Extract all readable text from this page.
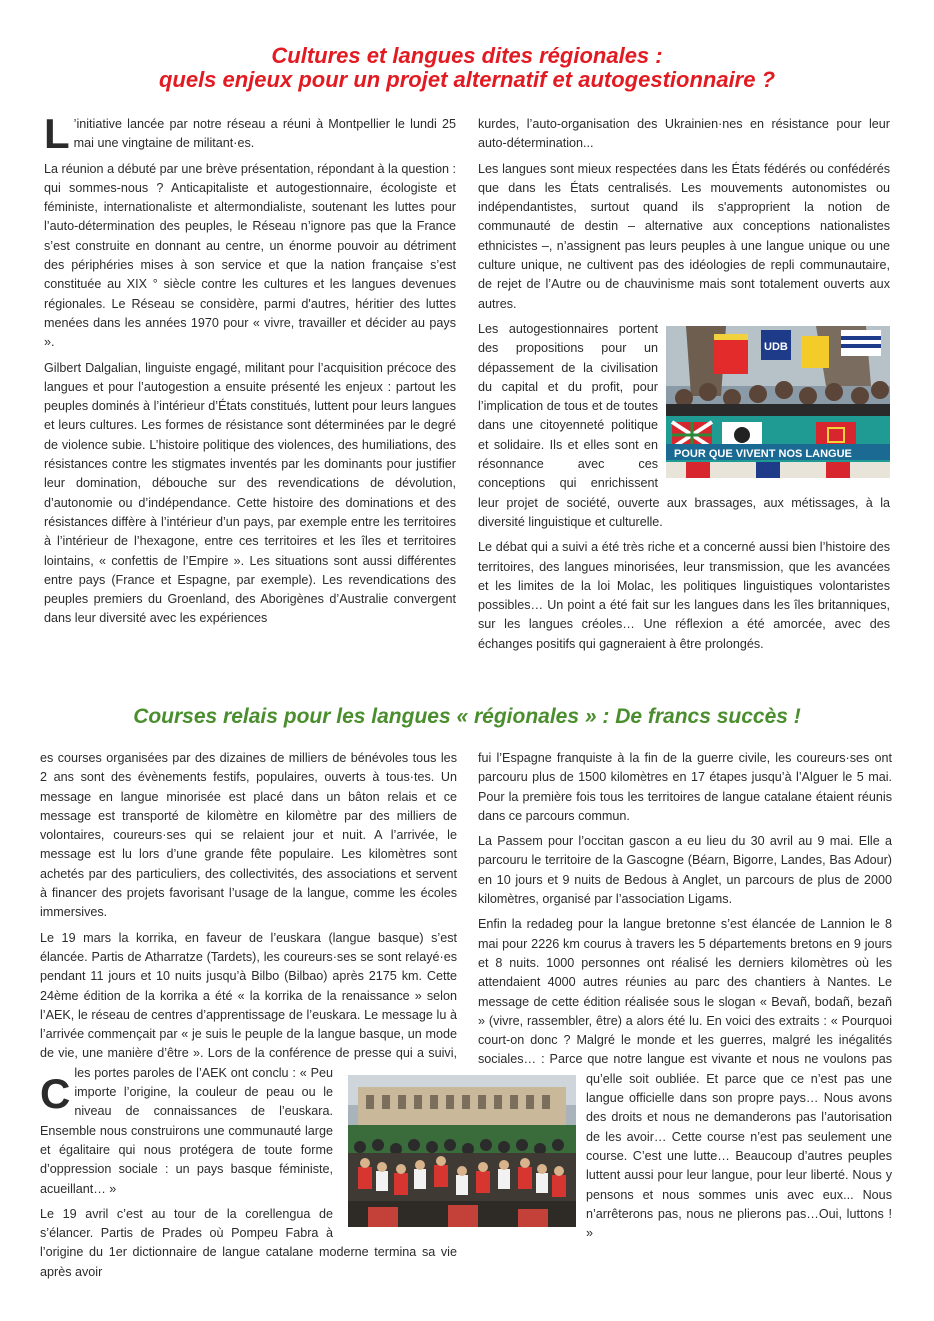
Cultures et langues dites régionales :
quels enjeux pour un projet alternatif et autogestionnaire ?

L ’initiative lancée par notre réseau a réuni à Montpellier le lundi 25 mai une vingtaine de militant·es.

La réunion a débuté par une brève présentation, répondant à la question : qui sommes-nous ? Anticapitaliste et autogestionnaire, écologiste et féministe, internationaliste et altermondialiste, soutenant les luttes pour l’auto-détermination des peuples, le Réseau n’ignore pas que la France s’est construite en donnant au centre, un énorme pouvoir au détriment des périphéries mises à son service et que la nation française s’est constituée au XIX ° siècle contre les cultures et les langues devenues régionales. Le Réseau se considère, parmi d'autres, héritier des luttes menées dans les années 1970 pour « vivre, travailler et décider au pays ».

Gilbert Dalgalian, linguiste engagé, militant pour l’acquisition précoce des langues et pour l’autogestion a ensuite présenté les enjeux : partout les peuples dominés à l’intérieur d’États constitués, luttent pour leurs langues et leurs cultures. Les formes de résistance sont déterminées par le degré de violence subie. L’histoire politique des violences, des humiliations, des résistances contre les stigmates inventés par les dominants pour justifier leur domination, débouche sur des revendications de dévolution, d’autonomie ou d’indépendance. Cette histoire des dominations et des résistances diffère à l’intérieur d’un pays, par exemple entre les territoires à l’intérieur de l’hexagone, entre ces territoires et les îles et territoires lointains, « confettis de l’Empire ». Les situations sont aussi différentes entre pays (France et Espagne, par exemple). Les revendications des peuples premiers du Groenland, des Aborigènes d’Australie convergent dans leur diversité avec les expériences

kurdes, l’auto-organisation des Ukrainien·nes en résistance pour leur auto-détermination...

Les langues sont mieux respectées dans les États fédérés ou confédérés que dans les États centralisés. Les mouvements autonomistes ou indépendantistes, surtout quand ils s'approprient la notion de communauté de destin – alternative aux conceptions nationalistes ethnicistes –, n’assignent pas leurs peuples à une langue unique ou une culture unique, ne cultivent pas des idéologies de repli communautaire, de rejet de l’Autre ou de chauvinisme mais sont totalement ouverts aux autres.

UDB
POUR QUE VIVENT NOS LANGUE

Les autogestionnaires portent des propositions pour un dépassement de la civilisation du capital et du profit, pour l’implication de tous et de toutes dans une citoyenneté politique et solidaire. Ils et elles sont en résonnance avec ces conceptions qui enrichissent leur projet de société, ouverte aux brassages, aux métissages, à la diversité linguistique et culturelle.

Le débat qui a suivi a été très riche et a concerné aussi bien l’histoire des territoires, des langues minorisées, leur transmission, que les avancées et les limites de la loi Molac, les politiques linguistiques volontaristes possibles… Un point a été fait sur les langues dans les îles britanniques, sur les langues créoles… Une réflexion a été amorcée, avec des échanges positifs qui gagneraient à être prolongés.

Courses relais pour les langues « régionales » : De francs succès !

C
es courses organisées par des dizaines de milliers de bénévoles tous les 2 ans sont des évènements festifs, populaires, ouverts à tous·tes. Un message en langue minorisée est placé dans un bâton relais et ce message est transporté de kilomètre en kilomètre par des milliers de volontaires, coureurs·ses qui se relaient jour et nuit. A l’arrivée, le message est lu lors d’une grande fête populaire. Les kilomètres sont achetés par des particuliers, des collectivités, des associations et servent à financer des projets favorisant l’usage de la langue, comme les écoles immersives.

Le 19 mars la korrika, en faveur de l’euskara (langue basque) s’est élancée. Partis de Atharratze (Tardets), les coureurs·ses se sont relayé·es pendant 11 jours et 10 nuits jusqu’à Bilbo (Bilbao) après 2175 km. Cette 24ème édition de la korrika a été « la korrika de la renaissance » selon l’AEK, le réseau de centres d’apprentissage de l’euskara. Le message lu à l’arrivée commençait par « je suis le peuple de la langue basque, un mode de vie, une manière d’être ». Lors de la conférence de presse qui a suivi, les portes paroles de l’AEK ont conclu : « Peu importe l’origine, la couleur de peau ou le niveau de connaissances de l’euskara. Ensemble nous construirons une communauté large et égalitaire qui nous protégera de toute forme d’oppression sociale : un pays basque féministe, acueillant… »

Le 19 avril c’est au tour de la corellengua de s’élancer. Partis de Prades où Pompeu Fabra à l’origine du 1er dictionnaire de langue catalane moderne termina sa vie après avoir

fui l’Espagne franquiste à la fin de la guerre civile, les coureurs·ses ont parcouru plus de 1500 kilomètres en 17 étapes jusqu’à l’Alguer le 5 mai. Pour la première fois tous les territoires de langue catalane étaient réunis dans ce parcours commun.

La Passem pour l’occitan gascon a eu lieu du 30 avril au 9 mai. Elle a parcouru le territoire de la Gascogne (Béarn, Bigorre, Landes, Bas Adour) en 10 jours et 9 nuits de Bedous à Anglet, un parcours de plus de 2000 kilomètres, organisé par l’association Ligams.

Enfin la redadeg pour la langue bretonne s’est élancée de Lannion le 8 mai pour 2226 km courus à travers les 5 départements bretons en 9 jours et 8 nuits. 1000 personnes ont réalisé les derniers kilomètres où les attendaient 4000 autres réunies au parc des chantiers à Nantes. Le message de cette édition réalisée sous le slogan « Bevañ, bodañ, bezañ » (vivre, rassembler, être) a alors été lu. En voici des extraits : « Pourquoi court-on donc ? Malgré le monde et les guerres, malgré les inégalités sociales… : Parce que notre langue est vivante et nous ne voulons pas qu’elle soit oubliée. Et parce que ce n’est pas une langue officielle dans son propre pays… Nous avons des droits et nous ne demanderons pas l’autorisation de les avoir… Cette course n’est pas seulement une course. C’est une lutte… Beaucoup d’autres peuples luttent aussi pour leur langue, pour leur liberté. Nous y pensons et nous sommes unis avec eux... Nous n’arrêterons pas, nous ne plierons pas…Oui, luttons ! »
